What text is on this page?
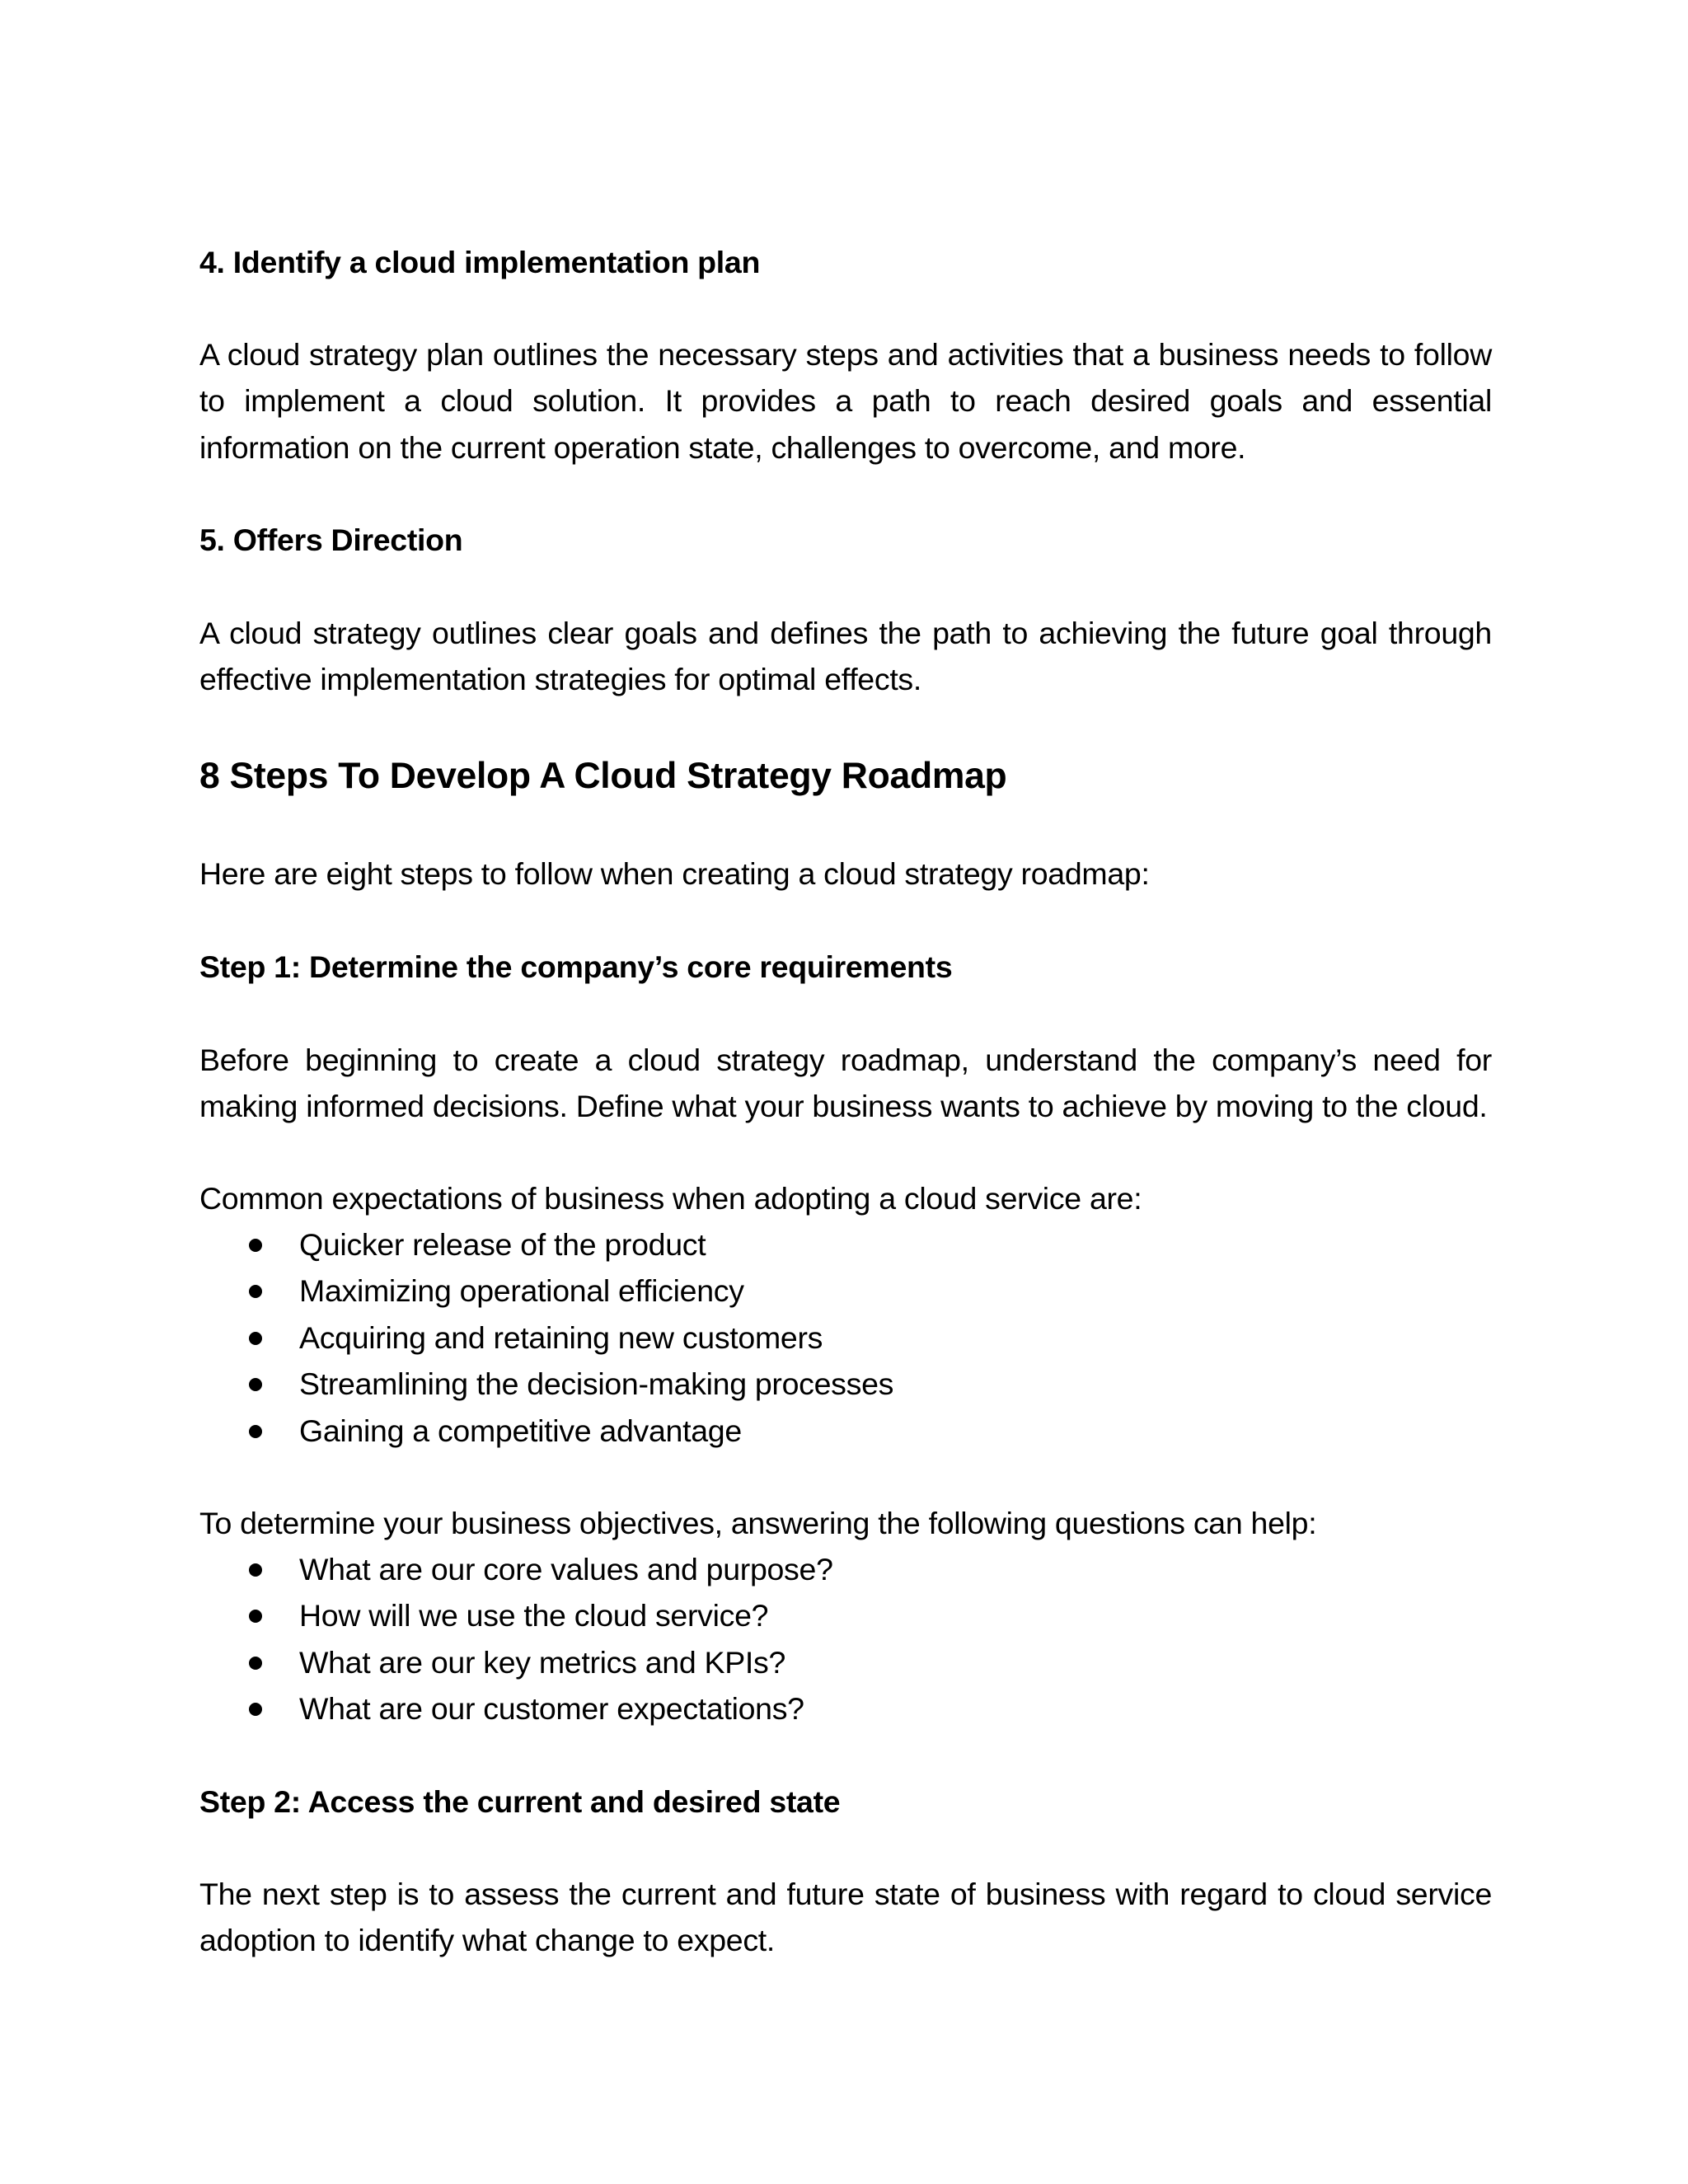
4. Identify a cloud implementation plan

A cloud strategy plan outlines the necessary steps and activities that a business needs to follow to implement a cloud solution. It provides a path to reach desired goals and essential information on the current operation state, challenges to overcome, and more.

5. Offers Direction

A cloud strategy outlines clear goals and defines the path to achieving the future goal through effective implementation strategies for optimal effects.

8 Steps To Develop A Cloud Strategy Roadmap

Here are eight steps to follow when creating a cloud strategy roadmap:

Step 1: Determine the company’s core requirements

Before beginning to create a cloud strategy roadmap, understand the company’s need for making informed decisions. Define what your business wants to achieve by moving to the cloud.

Common expectations of business when adopting a cloud service are:

Quicker release of the product
Maximizing operational efficiency
Acquiring and retaining new customers
Streamlining the decision-making processes
Gaining a competitive advantage

To determine your business objectives, answering the following questions can help:

What are our core values and purpose?
How will we use the cloud service?
What are our key metrics and KPIs?
What are our customer expectations?

Step 2: Access the current and desired state

The next step is to assess the current and future state of business with regard to cloud service adoption to identify what change to expect.
